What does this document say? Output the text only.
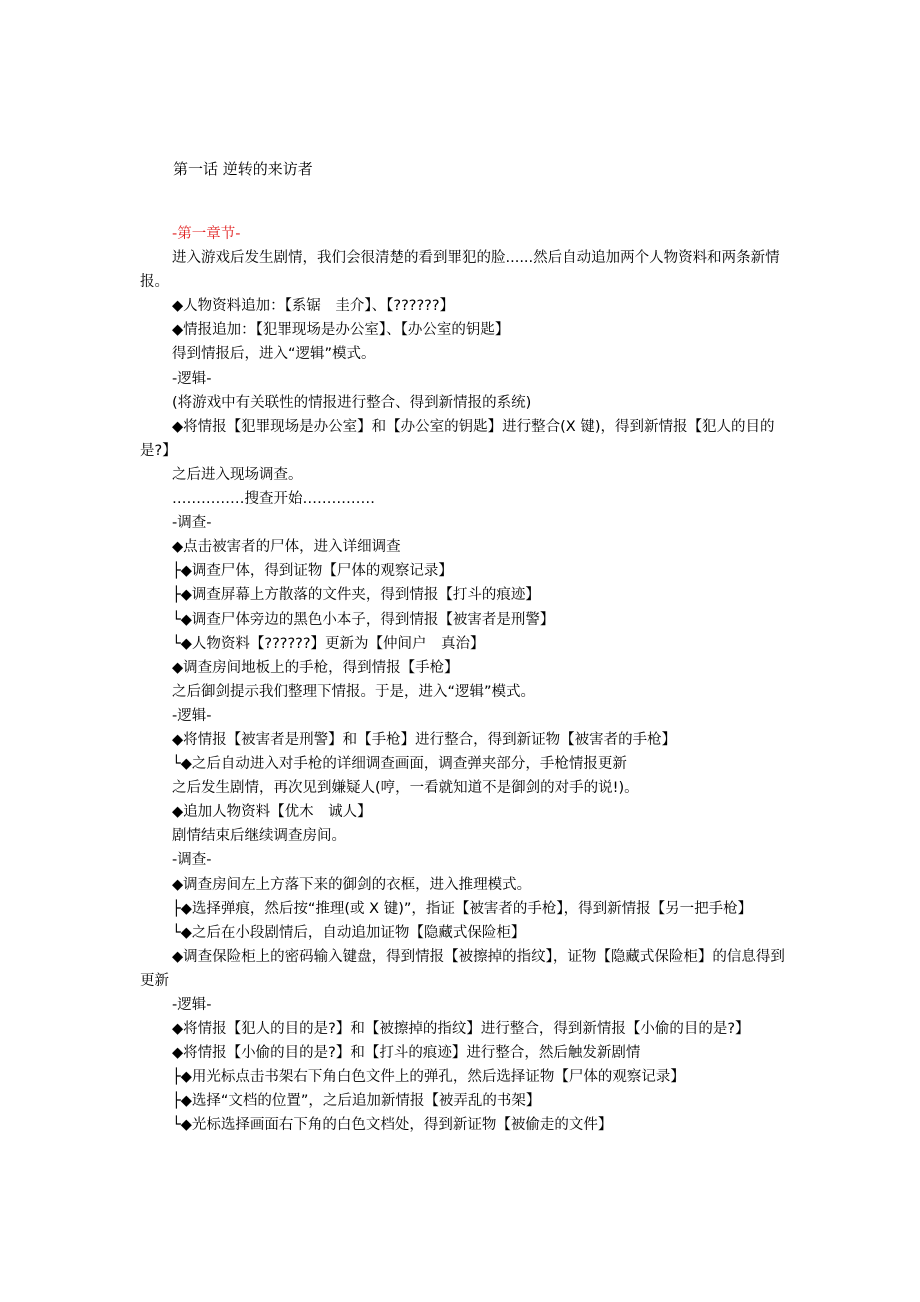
第一话 逆转的来访者
-第一章节-
进入游戏后发生剧情，我们会很清楚的看到罪犯的脸......然后自动追加两个人物资料和两条新情报。
◆人物资料追加：【系锯　圭介】、【??????】
◆情报追加：【犯罪现场是办公室】、【办公室的钥匙】
得到情报后，进入“逻辑”模式。
-逻辑-
(将游戏中有关联性的情报进行整合、得到新情报的系统)
◆将情报【犯罪现场是办公室】和【办公室的钥匙】进行整合(X 键)，得到新情报【犯人的目的是?】
之后进入现场调查。
……………搜查开始……………
-调查-
◆点击被害者的尸体，进入详细调查
├◆调查尸体，得到证物【尸体的观察记录】
├◆调查屏幕上方散落的文件夹，得到情报【打斗的痕迹】
└◆调查尸体旁边的黑色小本子，得到情报【被害者是刑警】
└◆人物资料【??????】更新为【仲间户　真治】
◆调查房间地板上的手枪，得到情报【手枪】
之后御剑提示我们整理下情报。于是，进入“逻辑”模式。
-逻辑-
◆将情报【被害者是刑警】和【手枪】进行整合，得到新证物【被害者的手枪】
└◆之后自动进入对手枪的详细调查画面，调查弹夹部分，手枪情报更新
之后发生剧情，再次见到嫌疑人(哼，一看就知道不是御剑的对手的说!)。
◆追加人物资料【优木　诚人】
剧情结束后继续调查房间。
-调查-
◆调查房间左上方落下来的御剑的衣框，进入推理模式。
├◆选择弹痕，然后按“推理(或 X 键)”，指证【被害者的手枪】，得到新情报【另一把手枪】
└◆之后在小段剧情后，自动追加证物【隐藏式保险柜】
◆调查保险柜上的密码输入键盘，得到情报【被擦掉的指纹】，证物【隐藏式保险柜】的信息得到更新
-逻辑-
◆将情报【犯人的目的是?】和【被擦掉的指纹】进行整合，得到新情报【小偷的目的是?】
◆将情报【小偷的目的是?】和【打斗的痕迹】进行整合，然后触发新剧情
├◆用光标点击书架右下角白色文件上的弹孔，然后选择证物【尸体的观察记录】
├◆选择“文档的位置”，之后追加新情报【被弄乱的书架】
└◆光标选择画面右下角的白色文档处，得到新证物【被偷走的文件】
